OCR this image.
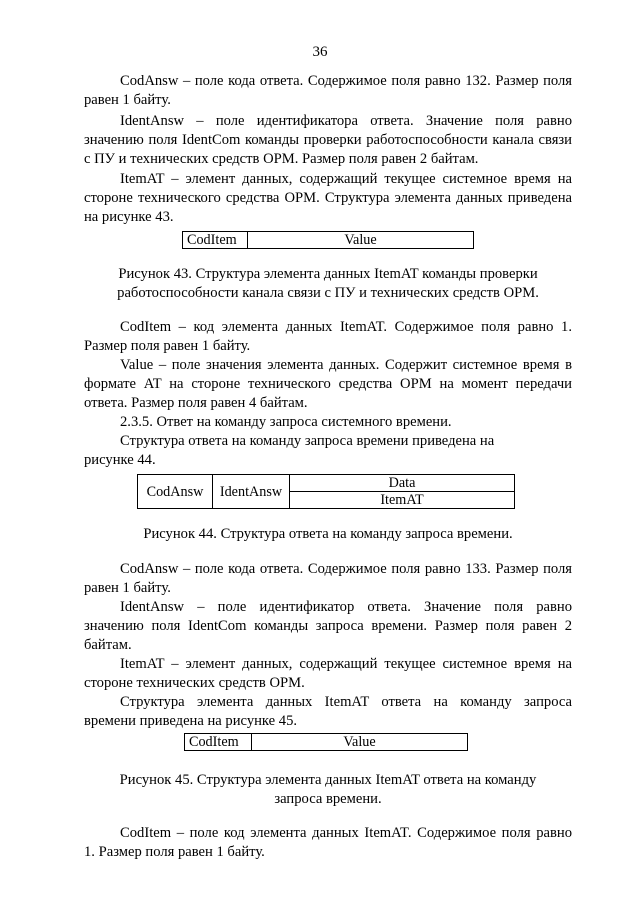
36
CodAnsw – поле кода ответа. Содержимое поля равно 132. Размер поля
равен 1 байту.
IdentAnsw – поле идентификатора ответа. Значение поля равно
значению поля IdentCom команды проверки работоспособности канала связи
с ПУ и технических средств ОРМ. Размер поля равен 2 байтам.
ItemAT – элемент данных, содержащий текущее системное время на
стороне технического средства ОРМ. Структура элемента данных приведена
на рисунке 43.
CodItem	Value
Рисунок 43. Структура элемента данных ItemAT команды проверки
работоспособности канала связи с ПУ и технических средств ОРМ.
CodItem – код элемента данных ItemAT. Содержимое поля равно 1.
Размер поля равен 1 байту.
Value – поле значения элемента данных. Содержит системное время в
формате AT на стороне технического средства ОРМ на момент передачи
ответа. Размер поля равен 4 байтам.
2.3.5. Ответ на команду запроса системного времени.
Структура ответа на команду запроса времени приведена на
рисунке 44.
CodAnsw	IdentAnsw	Data
ItemAT
Рисунок 44. Структура ответа на команду запроса времени.
CodAnsw – поле кода ответа. Содержимое поля равно 133. Размер поля
равен 1 байту.
IdentAnsw – поле идентификатор ответа. Значение поля равно
значению поля IdentCom команды запроса времени. Размер поля равен 2
байтам.
ItemAT – элемент данных, содержащий текущее системное время на
стороне технических средств ОРМ.
Структура элемента данных ItemAT ответа на команду запроса
времени приведена на рисунке 45.
CodItem	Value
Рисунок 45. Структура элемента данных ItemAT ответа на команду
запроса времени.
CodItem – поле код элемента данных ItemAT. Содержимое поля равно
1. Размер поля равен 1 байту.
